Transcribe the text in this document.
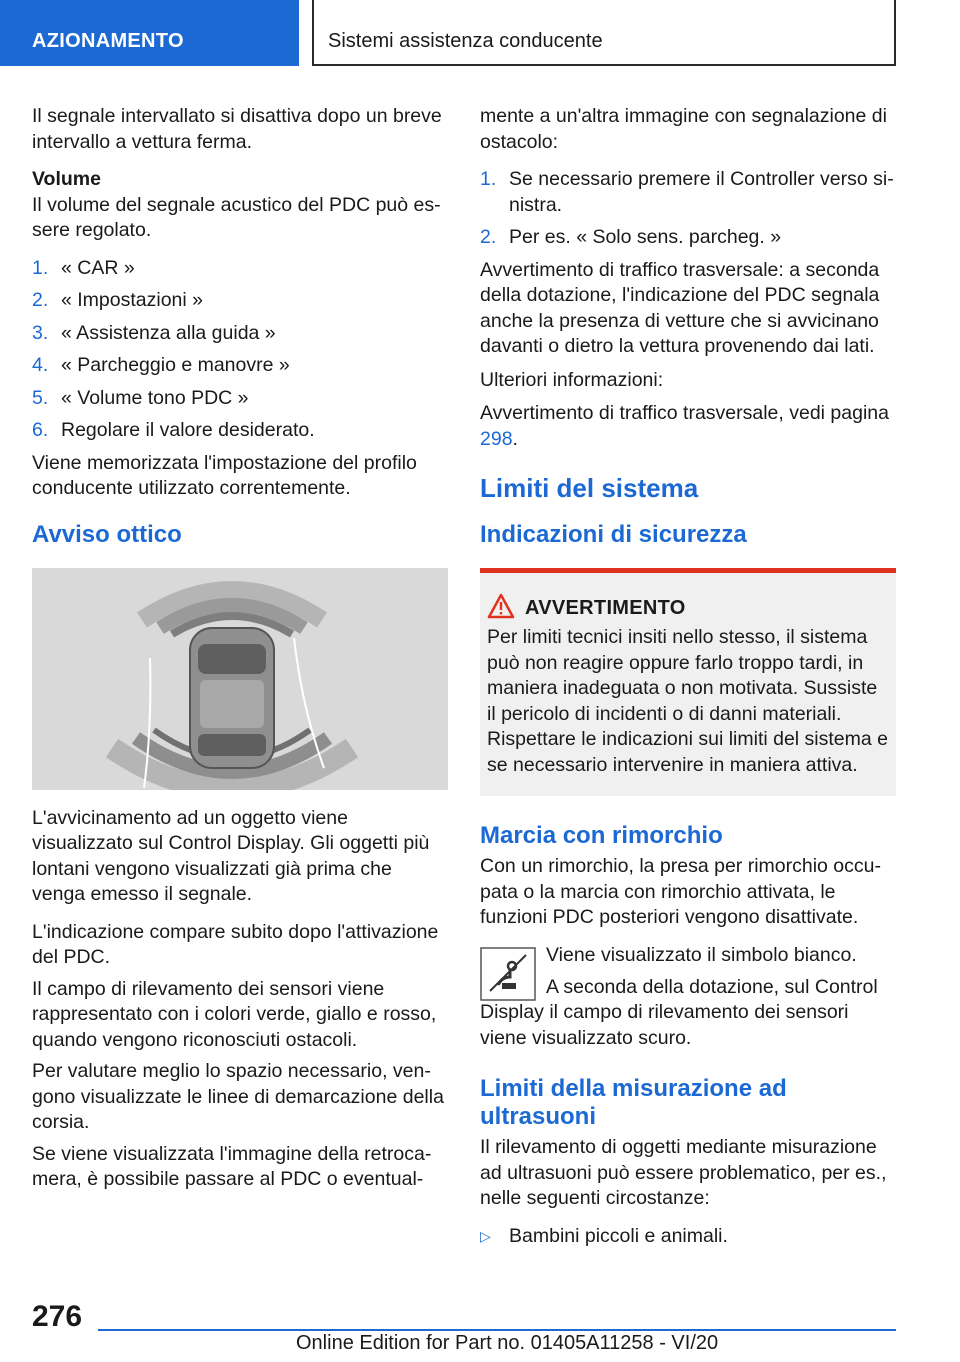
AZIONAMENTO	Sistemi assistenza conducente

Il segnale intervallato si disattiva dopo un breve intervallo a vettura ferma.

Volume

Il volume del segnale acustico del PDC può essere regolato.

1. « CAR »
2. « Impostazioni »
3. « Assistenza alla guida »
4. « Parcheggio e manovre »
5. « Volume tono PDC »
6. Regolare il valore desiderato.

Viene memorizzata l'impostazione del profilo conducente utilizzato correntemente.

Avviso ottico

L'avvicinamento ad un oggetto viene visualizzato sul Control Display. Gli oggetti più lontani vengono visualizzati già prima che venga emesso il segnale.

L'indicazione compare subito dopo l'attivazione del PDC.

Il campo di rilevamento dei sensori viene rappresentato con i colori verde, giallo e rosso, quando vengono riconosciuti ostacoli.

Per valutare meglio lo spazio necessario, vengono visualizzate le linee di demarcazione della corsia.

Se viene visualizzata l'immagine della retrocamera, è possibile passare al PDC o eventual-

mente a un'altra immagine con segnalazione di ostacolo:

1. Se necessario premere il Controller verso sinistra.
2. Per es. « Solo sens. parcheg. »

Avvertimento di traffico trasversale: a seconda della dotazione, l'indicazione del PDC segnala anche la presenza di vetture che si avvicinano davanti o dietro la vettura provenendo dai lati.

Ulteriori informazioni:

Avvertimento di traffico trasversale, vedi pagina 298.

Limiti del sistema
Indicazioni di sicurezza
AVVERTIMENTO

Per limiti tecnici insiti nello stesso, il sistema può non reagire oppure farlo troppo tardi, in maniera inadeguata o non motivata. Sussiste il pericolo di incidenti o di danni materiali. Rispettare le indicazioni sui limiti del sistema e se necessario intervenire in maniera attiva.

Marcia con rimorchio

Con un rimorchio, la presa per rimorchio occupata o la marcia con rimorchio attivata, le funzioni PDC posteriori vengono disattivate.

Viene visualizzato il simbolo bianco.

A seconda della dotazione, sul Control Display il campo di rilevamento dei sensori viene visualizzato scuro.

Limiti della misurazione ad ultrasuoni

Il rilevamento di oggetti mediante misurazione ad ultrasuoni può essere problematico, per es., nelle seguenti circostanze:

▷ Bambini piccoli e animali.
276
Online Edition for Part no. 01405A11258 - VI/20
